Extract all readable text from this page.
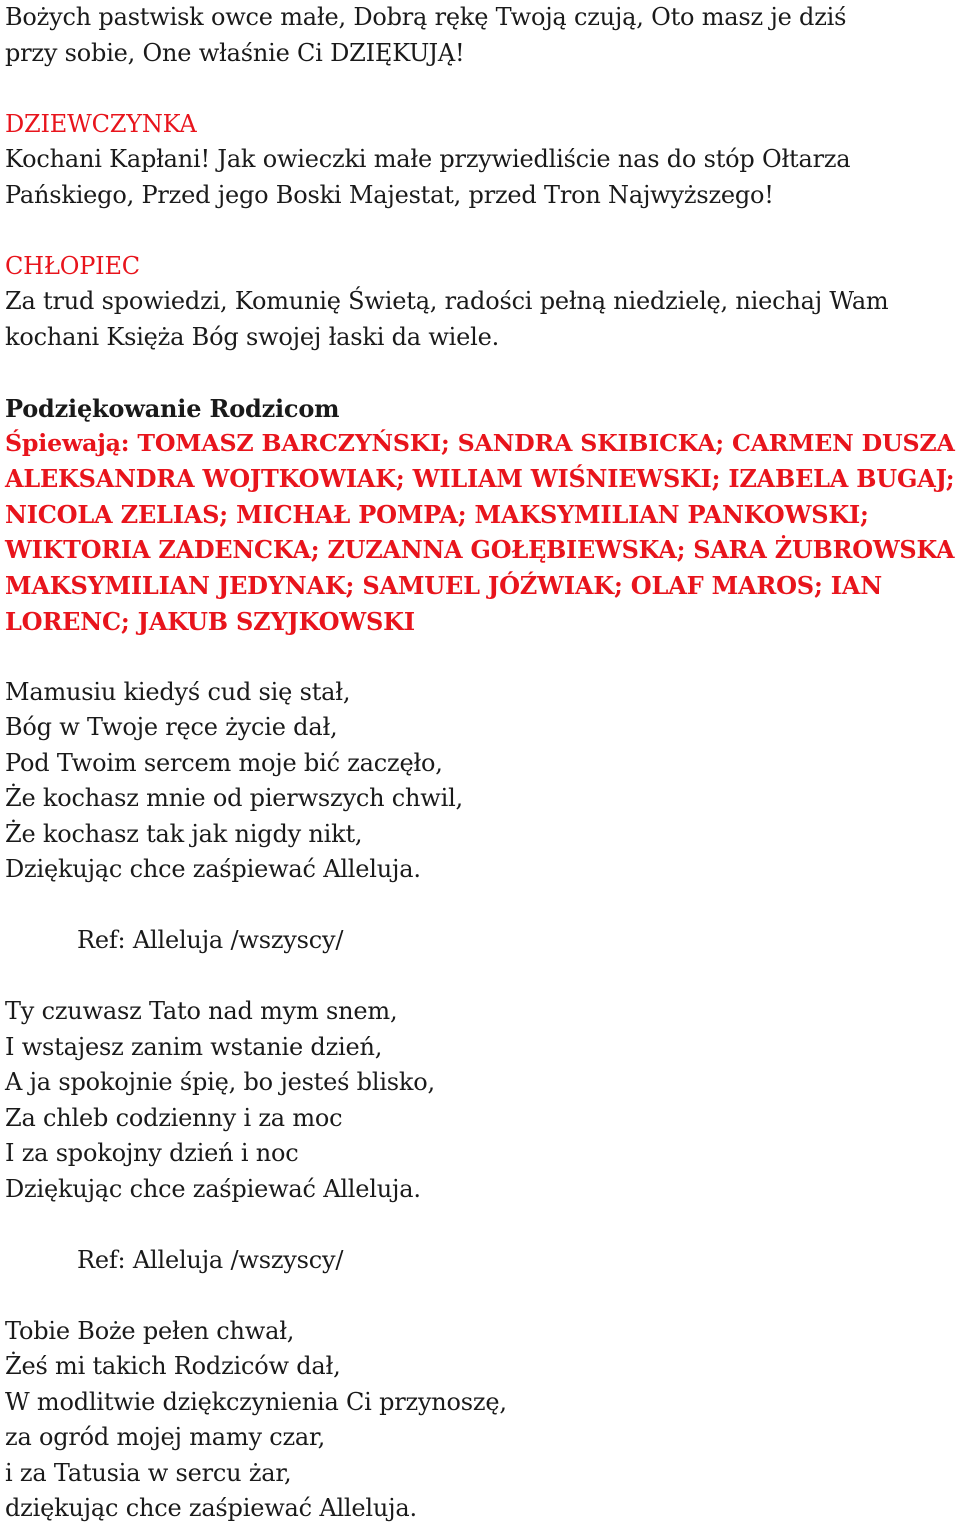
Bożych pastwisk owce małe, Dobrą rękę Twoją czują, Oto masz je dziś
przy sobie, One właśnie Ci DZIĘKUJĄ!
DZIEWCZYNKA
Kochani Kapłani! Jak owieczki małe przywiedliście nas do stóp Ołtarza
Pańskiego, Przed jego Boski Majestat, przed Tron Najwyższego!
CHŁOPIEC
Za trud spowiedzi, Komunię Świetą, radości pełną niedzielę, niechaj Wam
kochani Księża Bóg swojej łaski da wiele.
Podziękowanie Rodzicom
Śpiewają: TOMASZ BARCZYŃSKI; SANDRA SKIBICKA; CARMEN DUSZA
ALEKSANDRA WOJTKOWIAK; WILIAM WIŚNIEWSKI; IZABELA BUGAJ;
NICOLA ZELIAS; MICHAŁ POMPA; MAKSYMILIAN PANKOWSKI;
WIKTORIA ZADENCKA; ZUZANNA GOŁĘBIEWSKA; SARA ŻUBROWSKA
MAKSYMILIAN JEDYNAK; SAMUEL JÓŹWIAK; OLAF MAROS; IAN
LORENC; JAKUB SZYJKOWSKI
Mamusiu kiedyś cud się stał,
Bóg w Twoje ręce życie dał,
Pod Twoim sercem moje bić zaczęło,
Że kochasz mnie od pierwszych chwil,
Że kochasz tak jak nigdy nikt,
Dziękując chce zaśpiewać Alleluja.
Ref: Alleluja /wszyscy/
Ty czuwasz Tato nad mym snem,
I wstajesz zanim wstanie dzień,
A ja spokojnie śpię, bo jesteś blisko,
Za chleb codzienny i za moc
I za spokojny dzień i noc
Dziękując chce zaśpiewać Alleluja.
Ref: Alleluja /wszyscy/
Tobie Boże pełen chwał,
Żeś mi takich Rodziców dał,
W modlitwie dziękczynienia Ci przynoszę,
za ogród mojej mamy czar,
i za Tatusia w sercu żar,
dziękując chce zaśpiewać Alleluja.
